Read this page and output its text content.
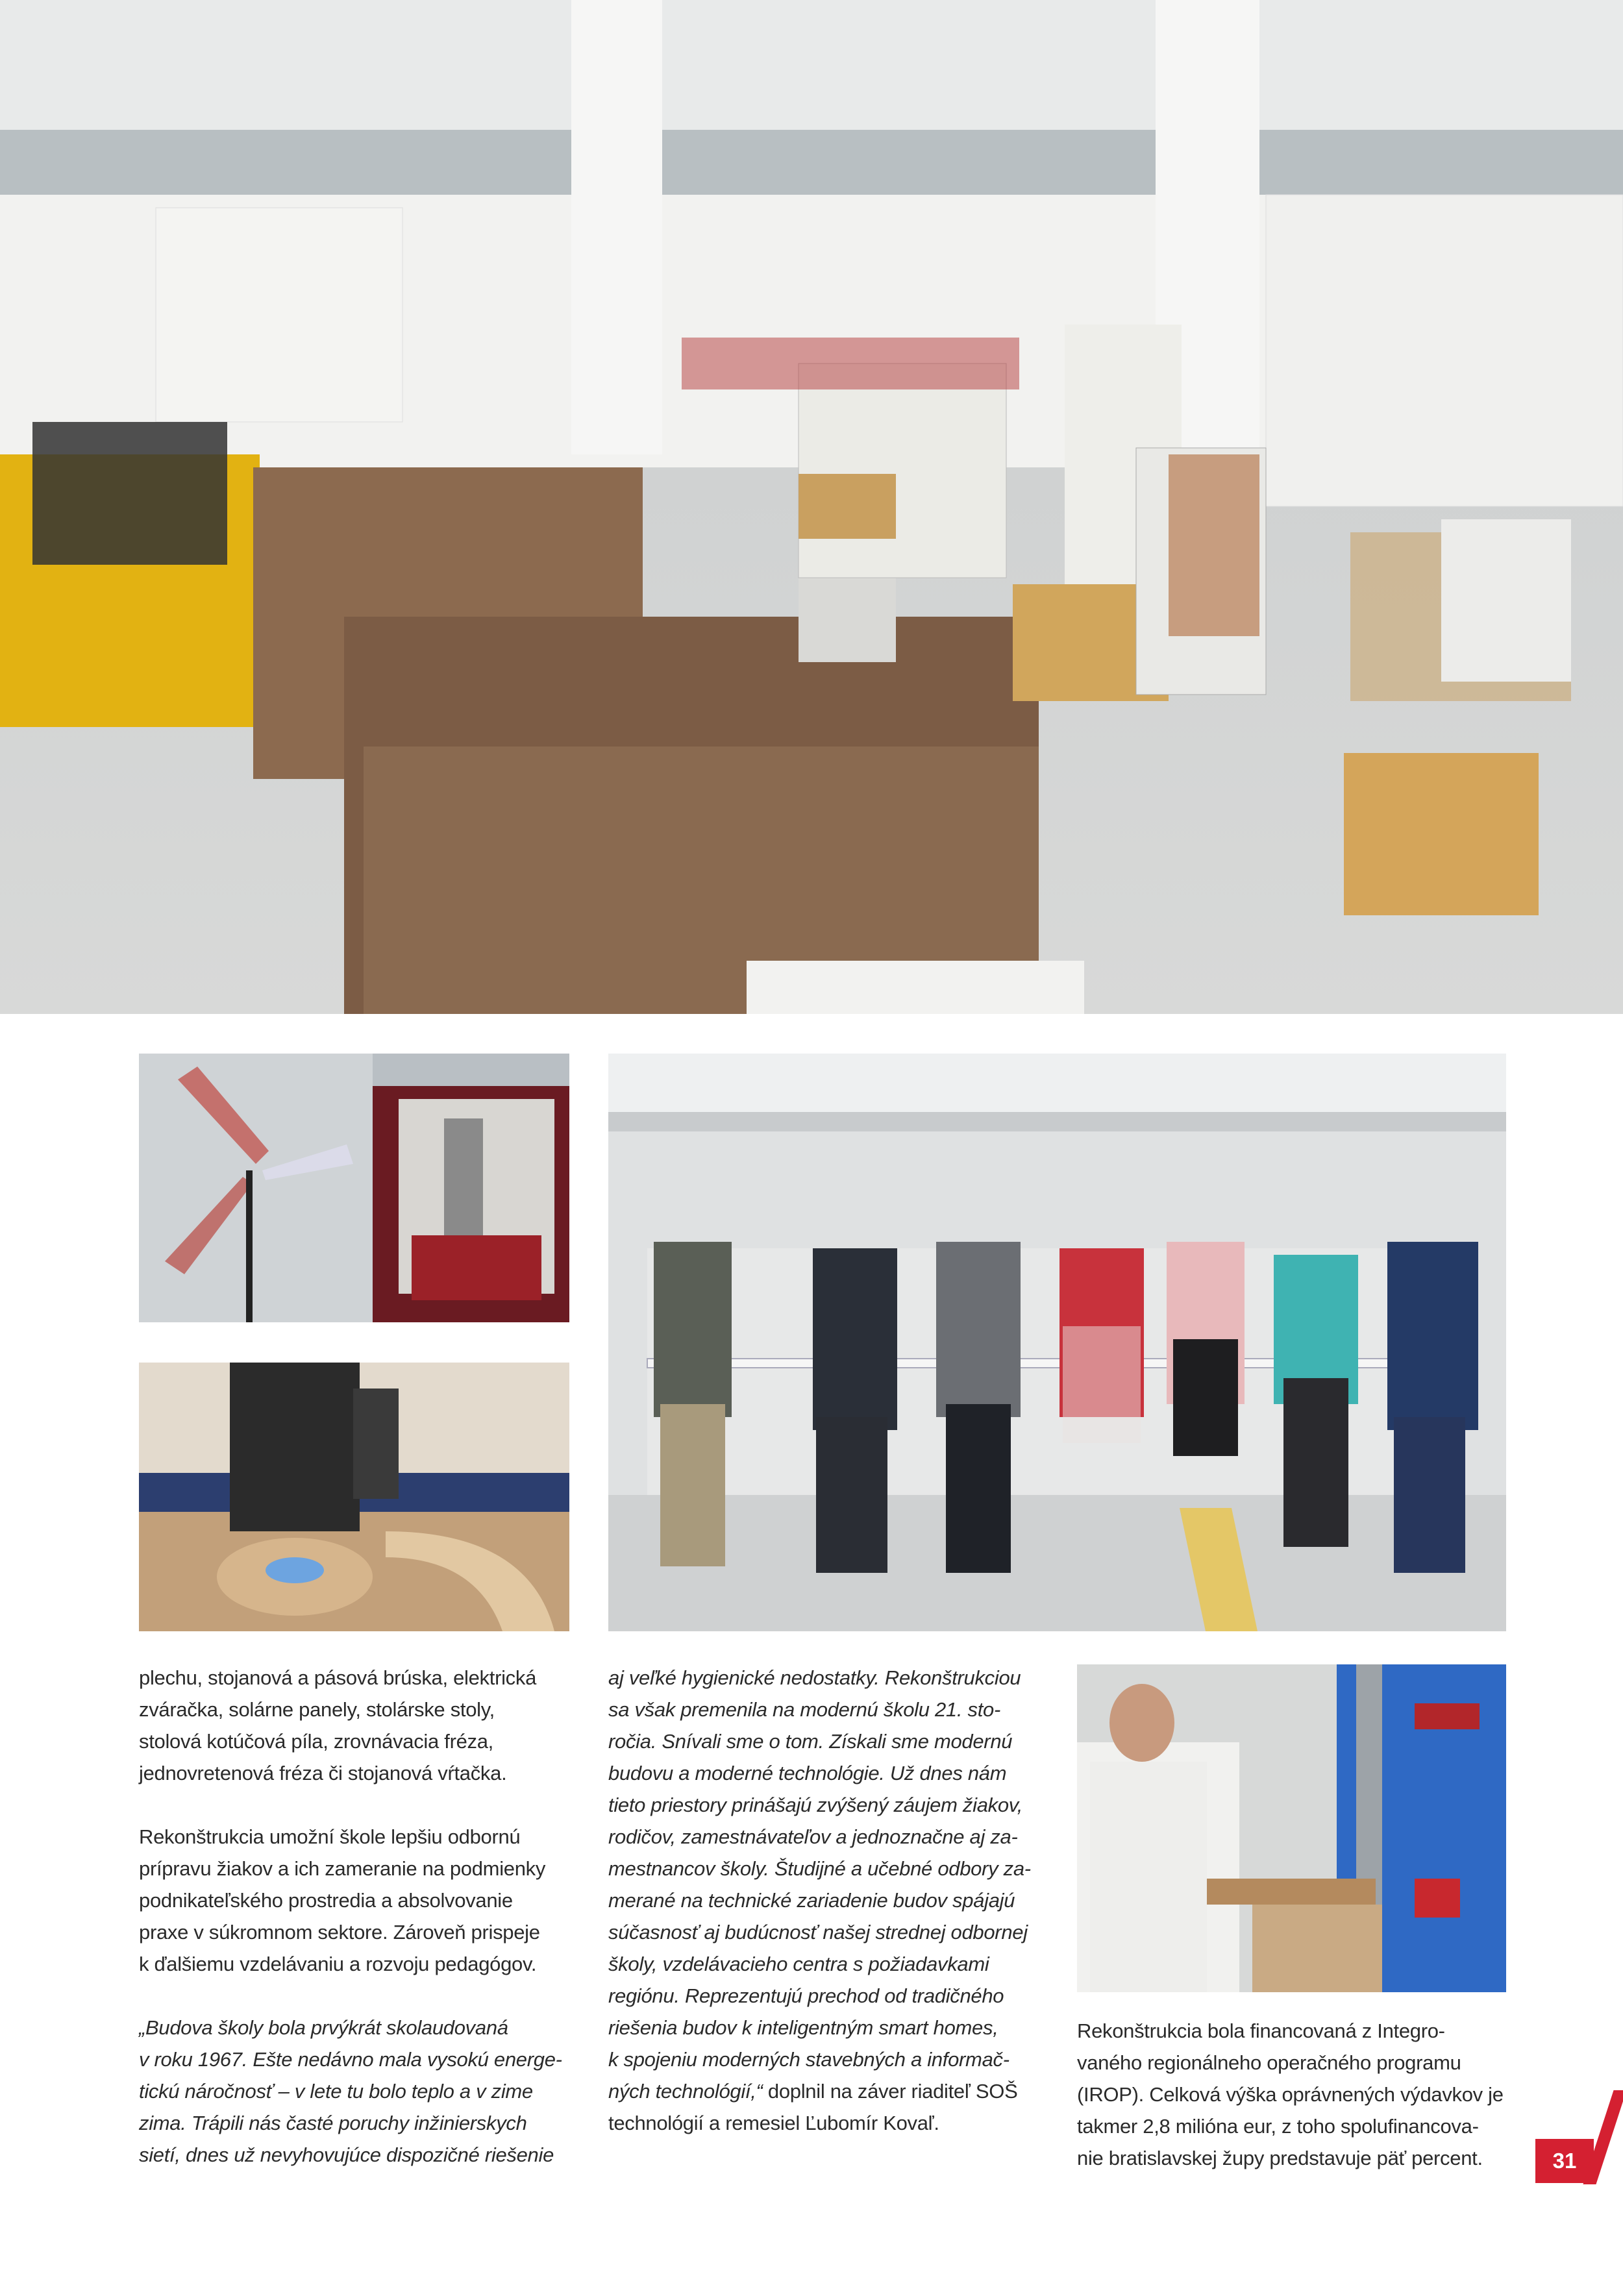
plechu, stojanová a pásová brúska, elektrická

zváračka, solárne panely, stolárske stoly,

stolová kotúčová píla, zrovnávacia fréza,

jednovretenová fréza či stojanová vŕtačka.

Rekonštrukcia umožní škole lepšiu odbornú

prípravu žiakov a ich zameranie na podmienky

podnikateľského prostredia a absolvovanie

praxe v súkromnom sektore. Zároveň prispeje

k ďalšiemu vzdelávaniu a rozvoju pedagógov.

„Budova školy bola prvýkrát skolaudovaná

v roku 1967. Ešte nedávno mala vysokú energe-

tickú náročnosť – v lete tu bolo teplo a v zime

zima. Trápili nás časté poruchy inžinierskych

sietí, dnes už nevyhovujúce dispozičné riešenie

aj veľké hygienické nedostatky. Rekonštrukciou

sa však premenila na modernú školu 21. sto-

ročia. Snívali sme o tom. Získali sme modernú

budovu a moderné technológie. Už dnes nám

tieto priestory prinášajú zvýšený záujem žiakov,

rodičov, zamestnávateľov a jednoznačne aj za-

mestnancov školy. Študijné a učebné odbory za-

merané na technické zariadenie budov spájajú

súčasnosť aj budúcnosť našej strednej odbornej

školy, vzdelávacieho centra s požiadavkami

regiónu. Reprezentujú prechod od tradičného

riešenia budov k inteligentným smart homes,

k spojeniu moderných stavebných a informač-

ných technológií,“ doplnil na záver riaditeľ SOŠ

technológií a remesiel Ľubomír Kovaľ.

Rekonštrukcia bola financovaná z Integro-

vaného regionálneho operačného programu

(IROP). Celková výška oprávnených výdavkov je

takmer 2,8 milióna eur, z toho spolufinancova-

nie bratislavskej župy predstavuje päť percent.	31
